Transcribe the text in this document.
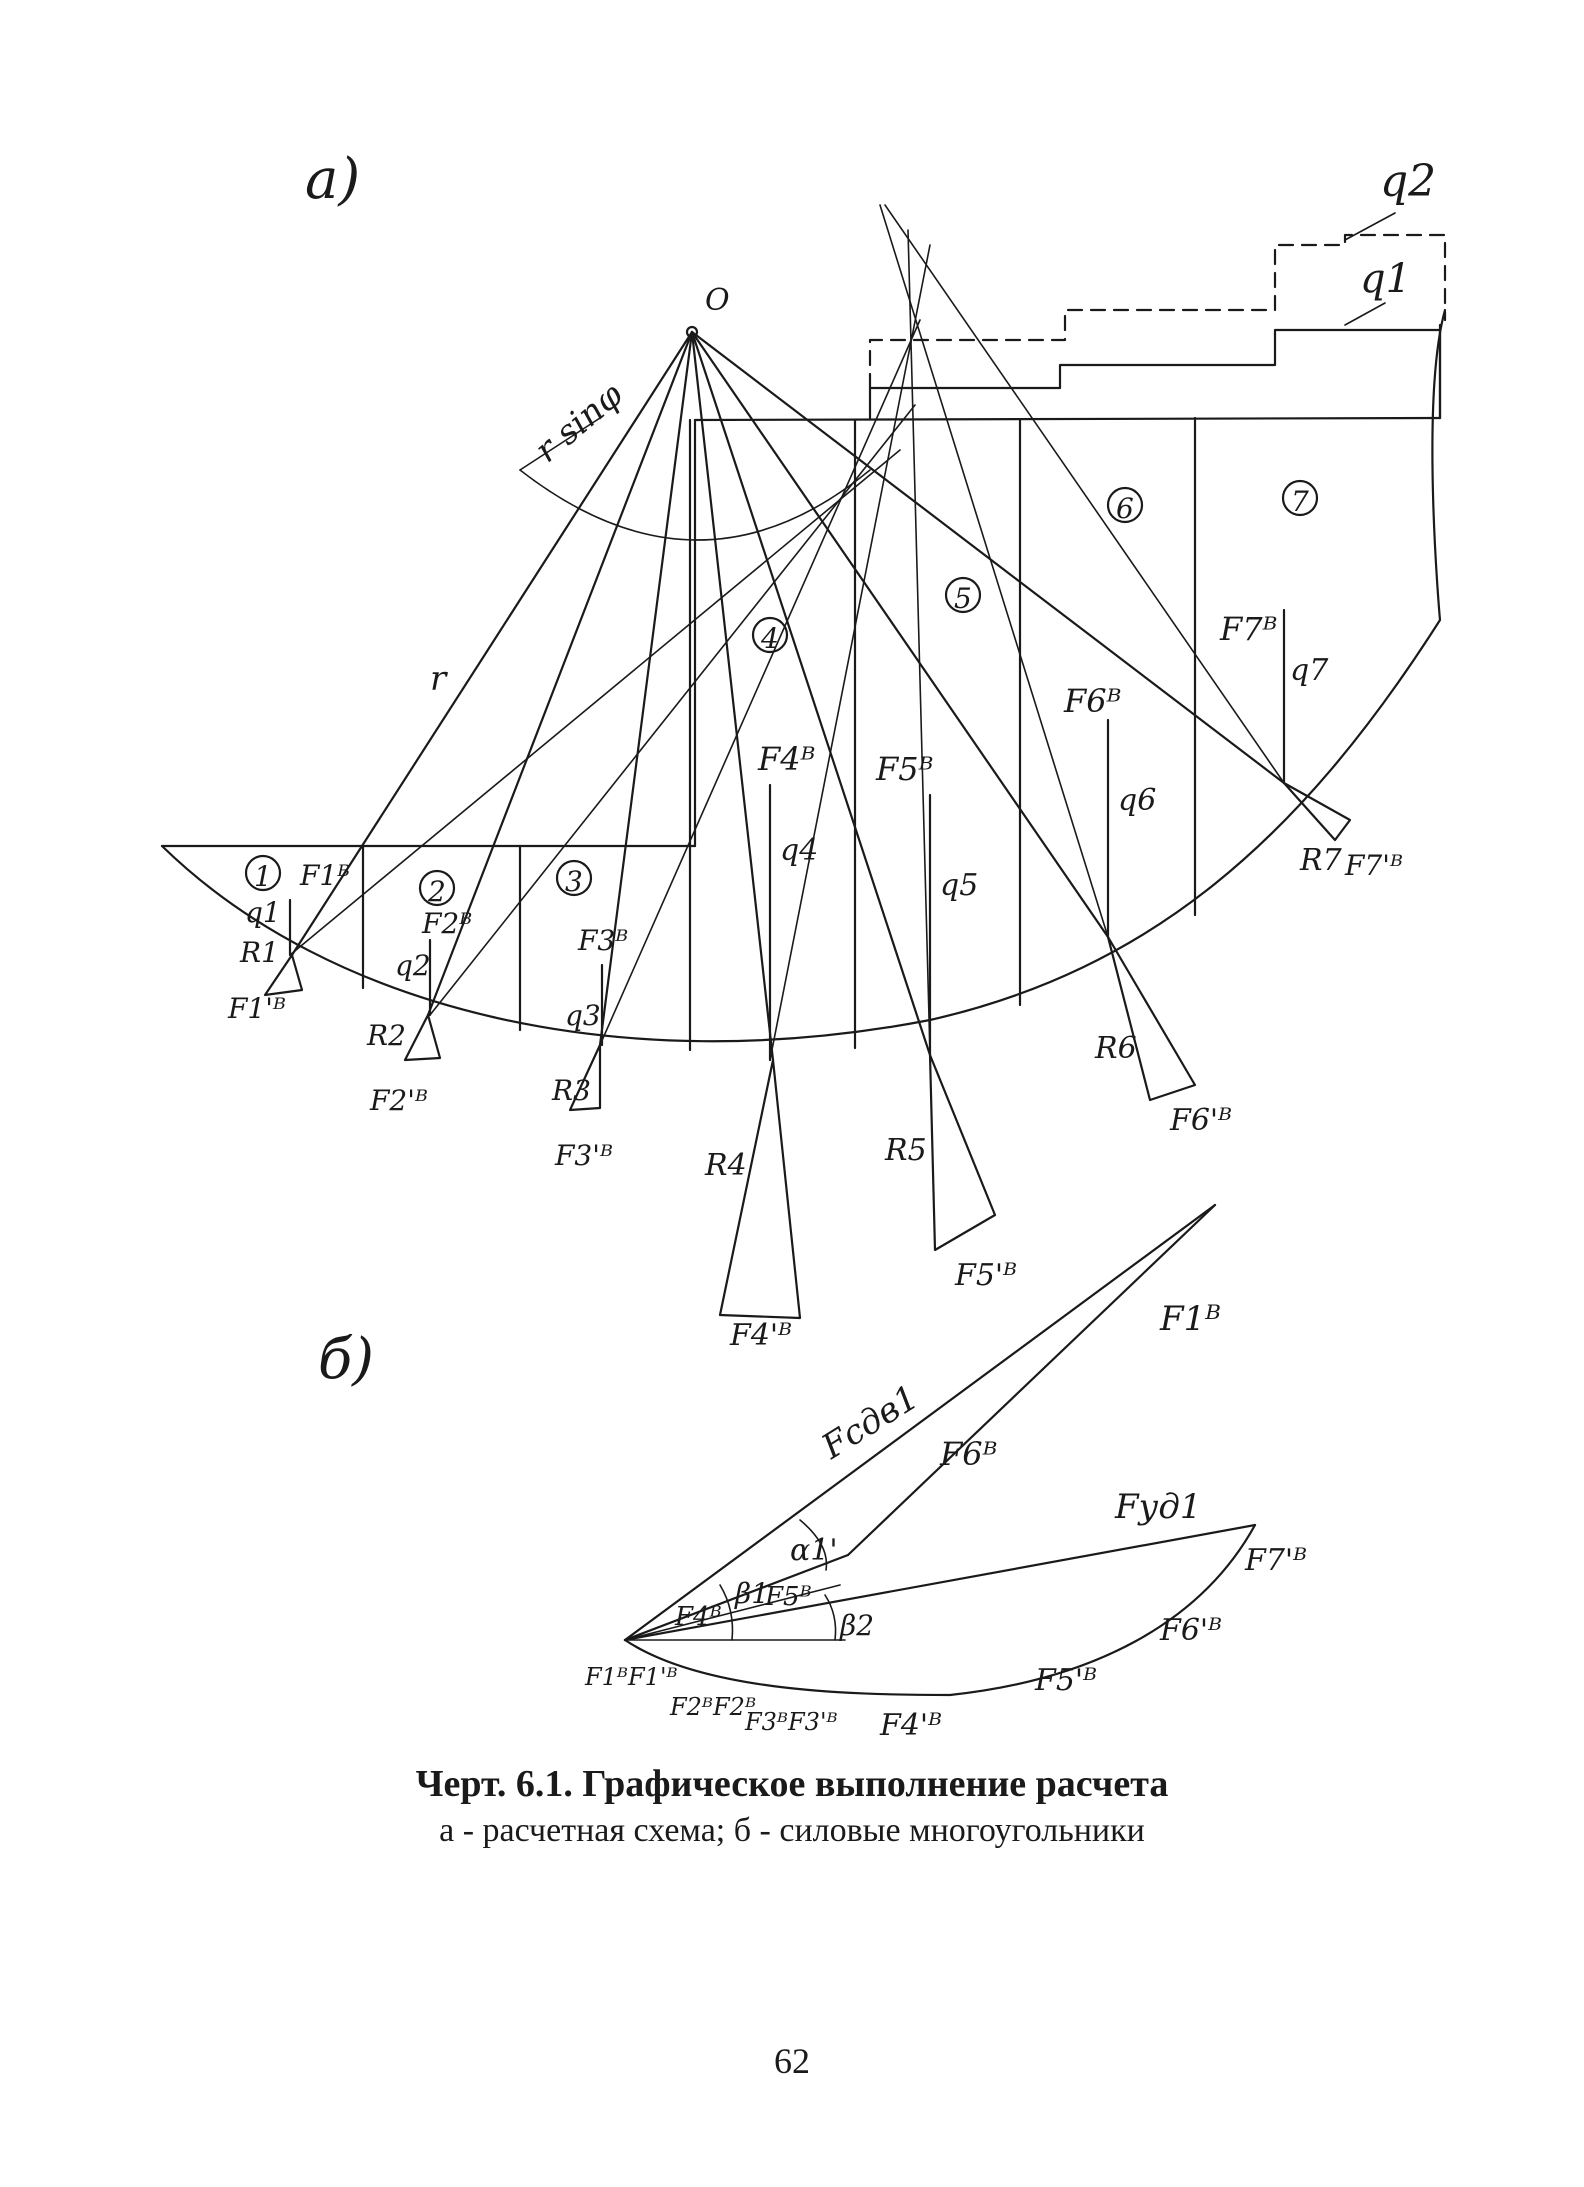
а)
б)
q1
q2
O
r sinφ
r
1	2	3
4
5
6	7
q1
q2
q3
q4
q5
q6
q7
F1ᴮ
F2ᴮ
F3ᴮ
F4ᴮ F5ᴮ
F6ᴮ
F7ᴮ
R1
R2
R3
R4	R5
R6
R7
F1'ᴮ
F2'ᴮ
F3'ᴮ
F4'ᴮ
F5'ᴮ
F6'ᴮ
F7'ᴮ
Fсдв1
F1ᴮ
F6ᴮ
Fуд1
F7'ᴮ
F6'ᴮ
F5'ᴮ
F4'ᴮ
F3ᴮF3'ᴮ
F2ᴮF2ᴮ
F1ᴮF1'ᴮ
α1'
β1
β2
F5ᴮ
F4ᴮ
Черт. 6.1. Графическое выполнение расчета
а - расчетная схема; б - силовые многоугольники
62
